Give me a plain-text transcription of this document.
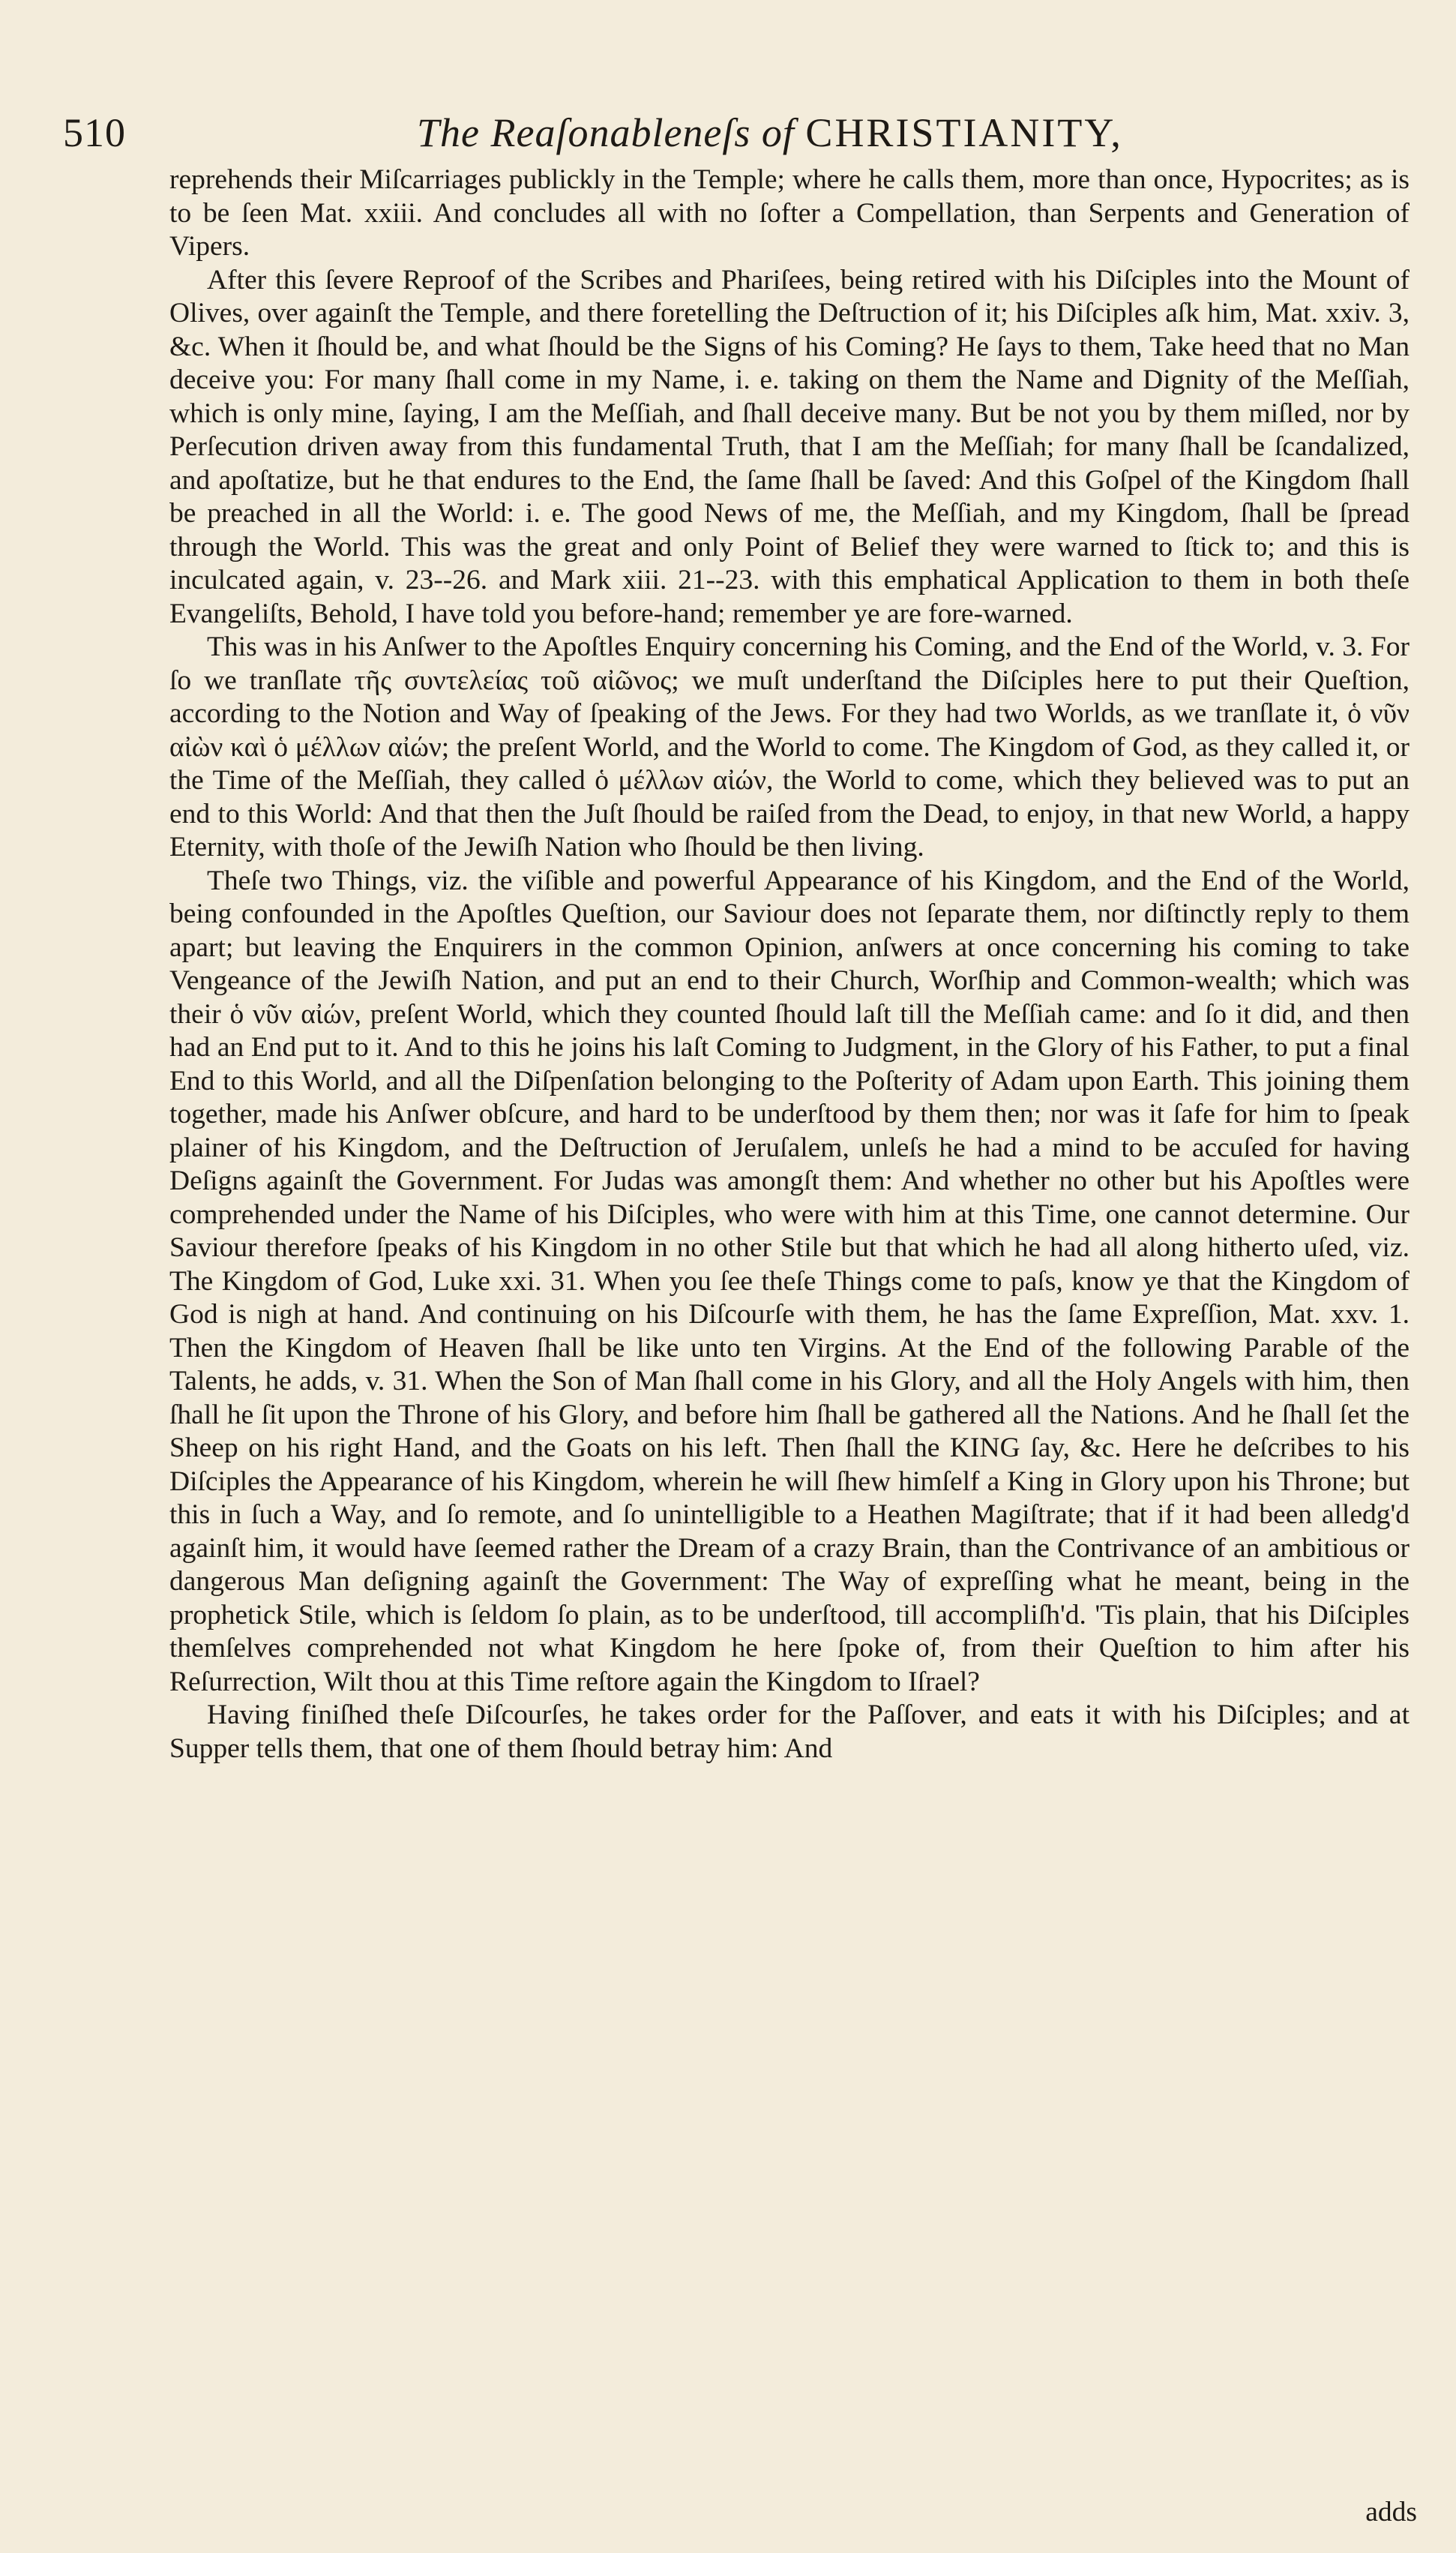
510	The Reaſonableneſs of CHRISTIANITY,

reprehends their Miſcarriages publickly in the Temple; where he calls them, more than once, Hypocrites; as is to be ſeen Mat. xxiii. And concludes all with no ſofter a Compellation, than Serpents and Generation of Vipers.

After this ſevere Reproof of the Scribes and Phariſees, being retired with his Diſciples into the Mount of Olives, over againſt the Temple, and there foretelling the Deſtruction of it; his Diſciples aſk him, Mat. xxiv. 3, &c. When it ſhould be, and what ſhould be the Signs of his Coming? He ſays to them, Take heed that no Man deceive you: For many ſhall come in my Name, i. e. taking on them the Name and Dignity of the Meſſiah, which is only mine, ſaying, I am the Meſſiah, and ſhall deceive many. But be not you by them miſled, nor by Perſecution driven away from this fundamental Truth, that I am the Meſſiah; for many ſhall be ſcandalized, and apoſtatize, but he that endures to the End, the ſame ſhall be ſaved: And this Goſpel of the Kingdom ſhall be preached in all the World: i. e. The good News of me, the Meſſiah, and my Kingdom, ſhall be ſpread through the World. This was the great and only Point of Belief they were warned to ſtick to; and this is inculcated again, v. 23--26. and Mark xiii. 21--23. with this emphatical Application to them in both theſe Evangeliſts, Behold, I have told you before-hand; remember ye are fore-warned.

This was in his Anſwer to the Apoſtles Enquiry concerning his Coming, and the End of the World, v. 3. For ſo we tranſlate τῆς συντελείας τοῦ αἰῶνος; we muſt underſtand the Diſciples here to put their Queſtion, according to the Notion and Way of ſpeaking of the Jews. For they had two Worlds, as we tranſlate it, ὁ νῦν αἰὼν καὶ ὁ μέλλων αἰών; the preſent World, and the World to come. The Kingdom of God, as they called it, or the Time of the Meſſiah, they called ὁ μέλλων αἰών, the World to come, which they believed was to put an end to this World: And that then the Juſt ſhould be raiſed from the Dead, to enjoy, in that new World, a happy Eternity, with thoſe of the Jewiſh Nation who ſhould be then living.

Theſe two Things, viz. the viſible and powerful Appearance of his Kingdom, and the End of the World, being confounded in the Apoſtles Queſtion, our Saviour does not ſeparate them, nor diſtinctly reply to them apart; but leaving the Enquirers in the common Opinion, anſwers at once concerning his coming to take Vengeance of the Jewiſh Nation, and put an end to their Church, Worſhip and Common-wealth; which was their ὁ νῦν αἰών, preſent World, which they counted ſhould laſt till the Meſſiah came: and ſo it did, and then had an End put to it. And to this he joins his laſt Coming to Judgment, in the Glory of his Father, to put a final End to this World, and all the Diſpenſation belonging to the Poſterity of Adam upon Earth. This joining them together, made his Anſwer obſcure, and hard to be underſtood by them then; nor was it ſafe for him to ſpeak plainer of his Kingdom, and the Deſtruction of Jeruſalem, unleſs he had a mind to be accuſed for having Deſigns againſt the Government. For Judas was amongſt them: And whether no other but his Apoſtles were comprehended under the Name of his Diſciples, who were with him at this Time, one cannot determine. Our Saviour therefore ſpeaks of his Kingdom in no other Stile but that which he had all along hitherto uſed, viz. The Kingdom of God, Luke xxi. 31. When you ſee theſe Things come to paſs, know ye that the Kingdom of God is nigh at hand. And continuing on his Diſcourſe with them, he has the ſame Expreſſion, Mat. xxv. 1. Then the Kingdom of Heaven ſhall be like unto ten Virgins. At the End of the following Parable of the Talents, he adds, v. 31. When the Son of Man ſhall come in his Glory, and all the Holy Angels with him, then ſhall he ſit upon the Throne of his Glory, and before him ſhall be gathered all the Nations. And he ſhall ſet the Sheep on his right Hand, and the Goats on his left. Then ſhall the KING ſay, &c. Here he deſcribes to his Diſciples the Appearance of his Kingdom, wherein he will ſhew himſelf a King in Glory upon his Throne; but this in ſuch a Way, and ſo remote, and ſo unintelligible to a Heathen Magiſtrate; that if it had been alledg'd againſt him, it would have ſeemed rather the Dream of a crazy Brain, than the Contrivance of an ambitious or dangerous Man deſigning againſt the Government: The Way of expreſſing what he meant, being in the prophetick Stile, which is ſeldom ſo plain, as to be underſtood, till accompliſh'd. 'Tis plain, that his Diſciples themſelves comprehended not what Kingdom he here ſpoke of, from their Queſtion to him after his Reſurrection, Wilt thou at this Time reſtore again the Kingdom to Iſrael?

Having finiſhed theſe Diſcourſes, he takes order for the Paſſover, and eats it with his Diſciples; and at Supper tells them, that one of them ſhould betray him: And

adds
